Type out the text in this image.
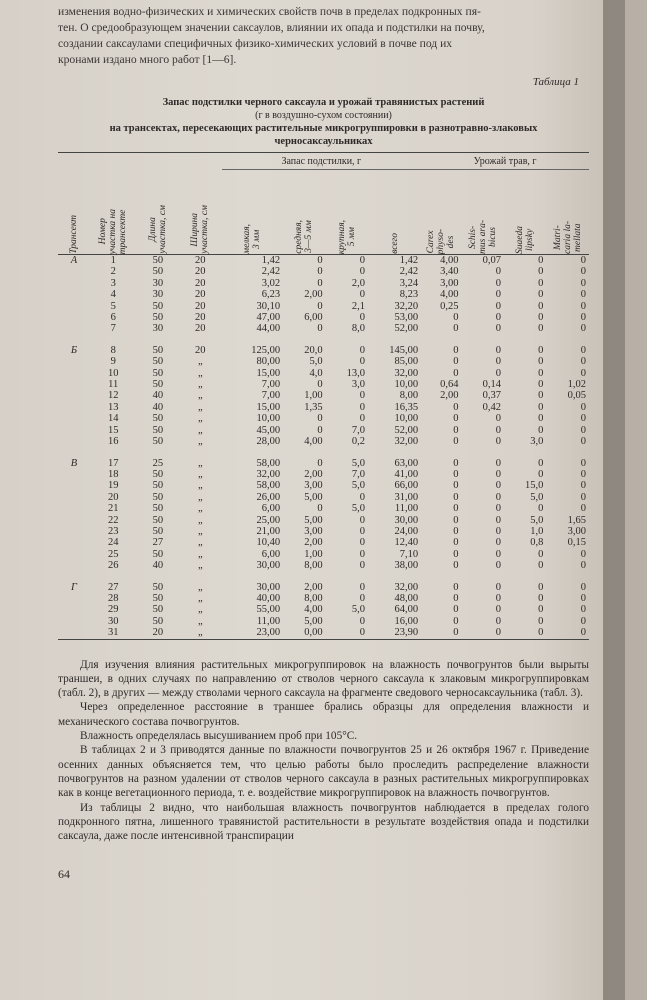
изменения водно-физических и химических свойств почв в пределах подкронных пя-

тен. О средообразующем значении саксаулов, влиянии их опада и подстилки на почву,

создании саксаулами специфичных физико-химических условий в почве под их

кронами издано много работ [1—6].

Таблица 1
Запас подстилки черного саксаула и урожай травянистых растений
(г в воздушно-сухом состоянии)
на трансектах, пересекающих растительные микрогруппировки в разнотравно-злаковых
черносаксаульниках
Трансект	Номер
участка на
трансекте	Длина
участка, см	Ширина
участка, см	Запас подстилки, г				Урожай трав, г			

				мелкая,
3 мм	средняя,
3—5 мм	крупная,
5 мм	всего	Carex
physo-
des	Schis-
mus ara-
bicus	Suaeda
lipsky	Matri-
caria la-
mellata

А	1	50	20	1,42	0	0	1,42	4,00	0,07	0	0
	2	50	20	2,42	0	0	2,42	3,40	0	0	0
	3	30	20	3,02	0	2,0	3,24	3,00	0	0	0
	4	30	20	6,23	2,00	0	8,23	4,00	0	0	0
	5	50	20	30,10	0	2,1	32,20	0,25	0	0	0
	6	50	20	47,00	6,00	0	53,00	0	0	0	0
	7	30	20	44,00	0	8,0	52,00	0	0	0	0
Б	8	50	20	125,00	20,0	0	145,00	0	0	0	0
	9	50	„	80,00	5,0	0	85,00	0	0	0	0
	10	50	„	15,00	4,0	13,0	32,00	0	0	0	0
	11	50	„	7,00	0	3,0	10,00	0,64	0,14	0	1,02
	12	40	„	7,00	1,00	0	8,00	2,00	0,37	0	0,05
	13	40	„	15,00	1,35	0	16,35	0	0,42	0	0
	14	50	„	10,00	0	0	10,00	0	0	0	0
	15	50	„	45,00	0	7,0	52,00	0	0	0	0
	16	50	„	28,00	4,00	0,2	32,00	0	0	3,0	0
В	17	25	„	58,00	0	5,0	63,00	0	0	0	0
	18	50	„	32,00	2,00	7,0	41,00	0	0	0	0
	19	50	„	58,00	3,00	5,0	66,00	0	0	15,0	0
	20	50	„	26,00	5,00	0	31,00	0	0	5,0	0
	21	50	„	6,00	0	5,0	11,00	0	0	0	0
	22	50	„	25,00	5,00	0	30,00	0	0	5,0	1,65
	23	50	„	21,00	3,00	0	24,00	0	0	1,0	3,00
	24	27	„	10,40	2,00	0	12,40	0	0	0,8	0,15
	25	50	„	6,00	1,00	0	7,10	0	0	0	0
	26	40	„	30,00	8,00	0	38,00	0	0	0	0
Г	27	50	„	30,00	2,00	0	32,00	0	0	0	0
	28	50	„	40,00	8,00	0	48,00	0	0	0	0
	29	50	„	55,00	4,00	5,0	64,00	0	0	0	0
	30	50	„	11,00	5,00	0	16,00	0	0	0	0
	31	20	„	23,00	0,00	0	23,90	0	0	0	0

Для изучения влияния растительных микрогруппировок на влажность почвогрунтов были вырыты траншеи, в одних случаях по направлению от стволов черного саксаула к злаковым микрогруппировкам (табл. 2), в других — между стволами черного саксаула на фрагменте сведового черносаксаульника (табл. 3).

Через определенное расстояние в траншее брались образцы для определения влажности и механического состава почвогрунтов.

Влажность определялась высушиванием проб при 105°С.

В таблицах 2 и 3 приводятся данные по влажности почвогрунтов 25 и 26 октября 1967 г. Приведение осенних данных объясняется тем, что целью работы было проследить распределение влажности почвогрунтов на разном удалении от стволов черного саксаула в разных растительных микрогруппировках как в конце вегетационного периода, т. е. воздействие микрогруппировок на влажность почвогрунтов.

Из таблицы 2 видно, что наибольшая влажность почвогрунтов наблюдается в пределах голого подкронного пятна, лишенного травянистой растительности в результате воздействия опада и подстилки саксаула, даже после интенсивной транспирации

64
